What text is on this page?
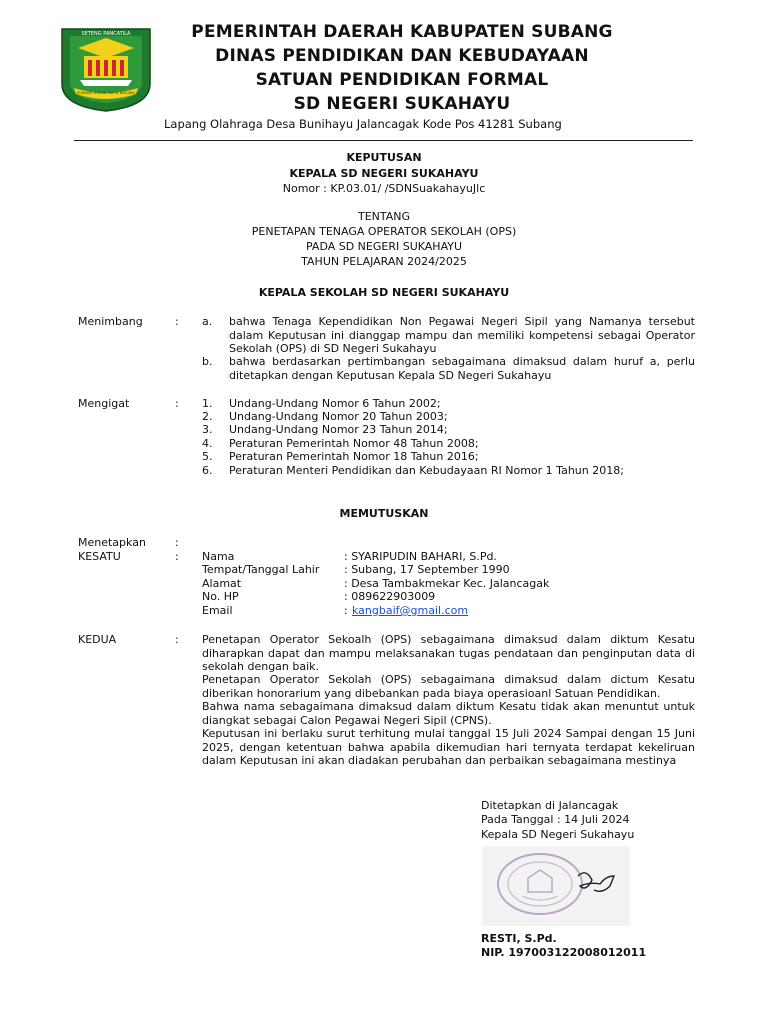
SETENG PANCATILA
SUBANG UTAMA SAFYA NAGARA
PEMERINTAH DAERAH KABUPATEN SUBANG
DINAS PENDIDIKAN DAN KEBUDAYAAN
SATUAN PENDIDIKAN FORMAL
SD NEGERI SUKAHAYU
Lapang Olahraga Desa Bunihayu Jalancagak Kode Pos 41281 Subang
KEPUTUSAN
KEPALA SD NEGERI SUKAHAYU
Nomor : KP.03.01/ /SDNSuakahayuJlc
TENTANG
PENETAPAN TENAGA OPERATOR SEKOLAH (OPS)
PADA SD NEGERI SUKAHAYU
TAHUN PELAJARAN 2024/2025
KEPALA SEKOLAH SD NEGERI SUKAHAYU
Menimbang	: a. bahwa Tenaga Kependidikan Non Pegawai Negeri Sipil yang Namanya tersebut dalam Keputusan ini dianggap mampu dan memiliki kompetensi sebagai Operator Sekolah (OPS) di SD Negeri Sukahayu
b. bahwa berdasarkan pertimbangan sebagaimana dimaksud dalam huruf a, perlu ditetapkan dengan Keputusan Kepala SD Negeri Sukahayu
Mengigat	: 1. Undang-Undang Nomor 6 Tahun 2002;
2. Undang-Undang Nomor 20 Tahun 2003;
3. Undang-Undang Nomor 23 Tahun 2014;
4. Peraturan Pemerintah Nomor 48 Tahun 2008;
5. Peraturan Pemerintah Nomor 18 Tahun 2016;
6. Peraturan Menteri Pendidikan dan Kebudayaan RI Nomor 1 Tahun 2018;
MEMUTUSKAN
Menetapkan	:
KESATU	: Nama	: SYARIPUDIN BAHARI, S.Pd.
Tempat/Tanggal Lahir : Subang, 17 September 1990
Alamat	: Desa Tambakmekar Kec. Jalancagak
No. HP	: 089622903009
Email	: kangbaif@gmail.com
KEDUA	: Penetapan Operator Sekoalh (OPS) sebagaimana dimaksud dalam diktum Kesatu diharapkan dapat dan mampu melaksanakan tugas pendataan dan penginputan data di sekolah dengan baik.
Penetapan Operator Sekolah (OPS) sebagaimana dimaksud dalam dictum Kesatu diberikan honorarium yang dibebankan pada biaya operasioanl Satuan Pendidikan.
Bahwa nama sebagaimana dimaksud dalam diktum Kesatu tidak akan menuntut untuk diangkat sebagai Calon Pegawai Negeri Sipil (CPNS).
Keputusan ini berlaku surut terhitung mulai tanggal 15 Juli 2024 Sampai dengan 15 Juni 2025, dengan ketentuan bahwa apabila dikemudian hari ternyata terdapat kekeliruan dalam Keputusan ini akan diadakan perubahan dan perbaikan sebagaimana mestinya
Ditetapkan di Jalancagak
Pada Tanggal : 14 Juli 2024
Kepala SD Negeri Sukahayu
RESTI, S.Pd.
NIP. 197003122008012011
